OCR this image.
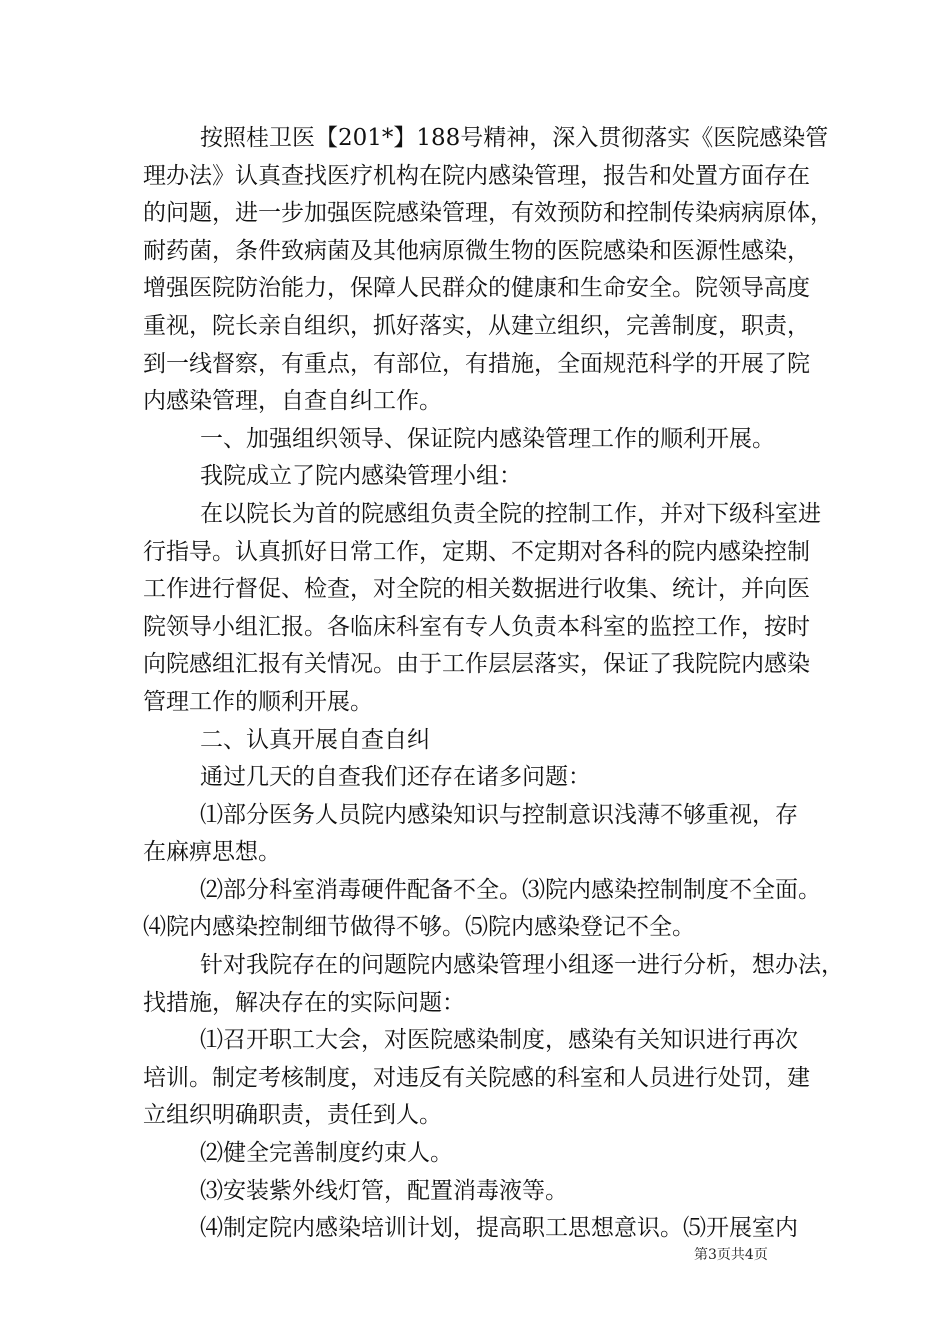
按照桂卫医【201*】188号精神，深入贯彻落实《医院感染管

理办法》认真查找医疗机构在院内感染管理，报告和处置方面存在

的问题，进一步加强医院感染管理，有效预防和控制传染病病原体，

耐药菌，条件致病菌及其他病原微生物的医院感染和医源性感染，

增强医院防治能力，保障人民群众的健康和生命安全。院领导高度

重视，院长亲自组织，抓好落实，从建立组织，完善制度，职责，

到一线督察，有重点，有部位，有措施，全面规范科学的开展了院

内感染管理，自查自纠工作。

一、加强组织领导、保证院内感染管理工作的顺利开展。

我院成立了院内感染管理小组：

在以院长为首的院感组负责全院的控制工作，并对下级科室进

行指导。认真抓好日常工作，定期、不定期对各科的院内感染控制

工作进行督促、检查，对全院的相关数据进行收集、统计，并向医

院领导小组汇报。各临床科室有专人负责本科室的监控工作，按时

向院感组汇报有关情况。由于工作层层落实，保证了我院院内感染

管理工作的顺利开展。

二、认真开展自查自纠

通过几天的自查我们还存在诸多问题：

⑴部分医务人员院内感染知识与控制意识浅薄不够重视，存

在麻痹思想。

⑵部分科室消毒硬件配备不全。⑶院内感染控制制度不全面。

⑷院内感染控制细节做得不够。⑸院内感染登记不全。

针对我院存在的问题院内感染管理小组逐一进行分析，想办法，

找措施，解决存在的实际问题：

⑴召开职工大会，对医院感染制度，感染有关知识进行再次

培训。制定考核制度，对违反有关院感的科室和人员进行处罚，建

立组织明确职责，责任到人。

⑵健全完善制度约束人。

⑶安装紫外线灯管，配置消毒液等。

⑷制定院内感染培训计划，提高职工思想意识。⑸开展室内

第3页共4页
